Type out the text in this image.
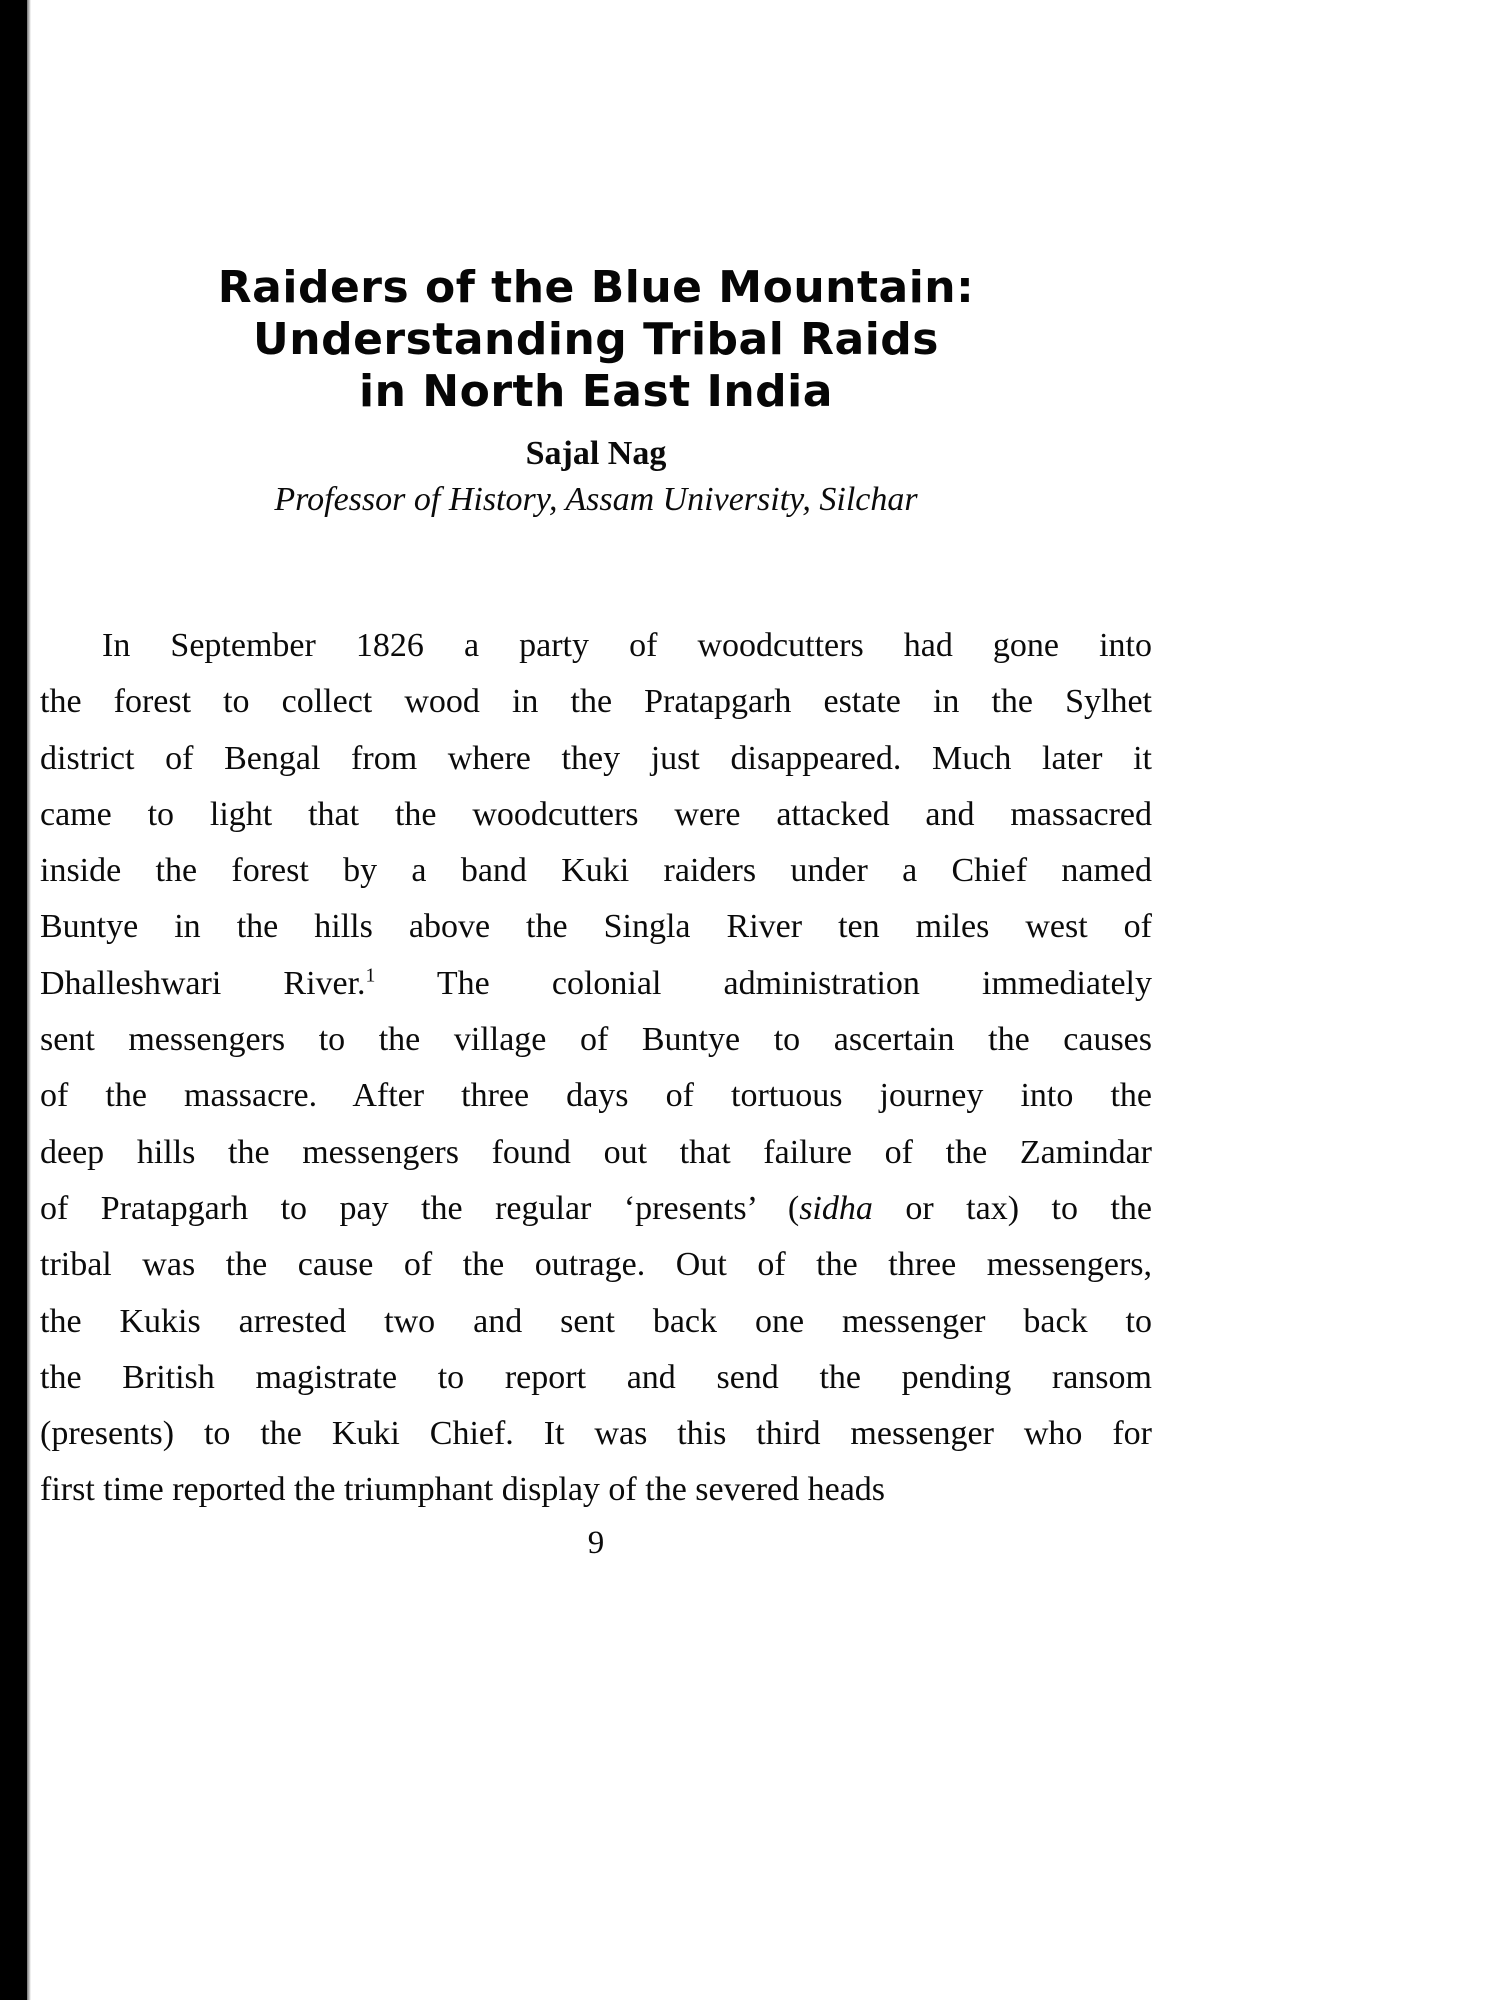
Raiders of the Blue Mountain:
Understanding Tribal Raids
in North East India
Sajal Nag
Professor of History, Assam University, Silchar
In September 1826 a party of woodcutters had gone into
the forest to collect wood in the Pratapgarh estate in the Sylhet
district of Bengal from where they just disappeared. Much later it
came to light that the woodcutters were attacked and massacred
inside the forest by a band Kuki raiders under a Chief named
Buntye in the hills above the Singla River ten miles west of
Dhalleshwari River.$^1$ The colonial administration immediately
sent messengers to the village of Buntye to ascertain the causes
of the massacre. After three days of tortuous journey into the
deep hills the messengers found out that failure of the Zamindar
of Pratapgarh to pay the regular ‘presents’ (sidha or tax) to the
tribal was the cause of the outrage. Out of the three messengers,
the Kukis arrested two and sent back one messenger back to
the British magistrate to report and send the pending ransom
(presents) to the Kuki Chief. It was this third messenger who for
first time reported the triumphant display of the severed heads
9
